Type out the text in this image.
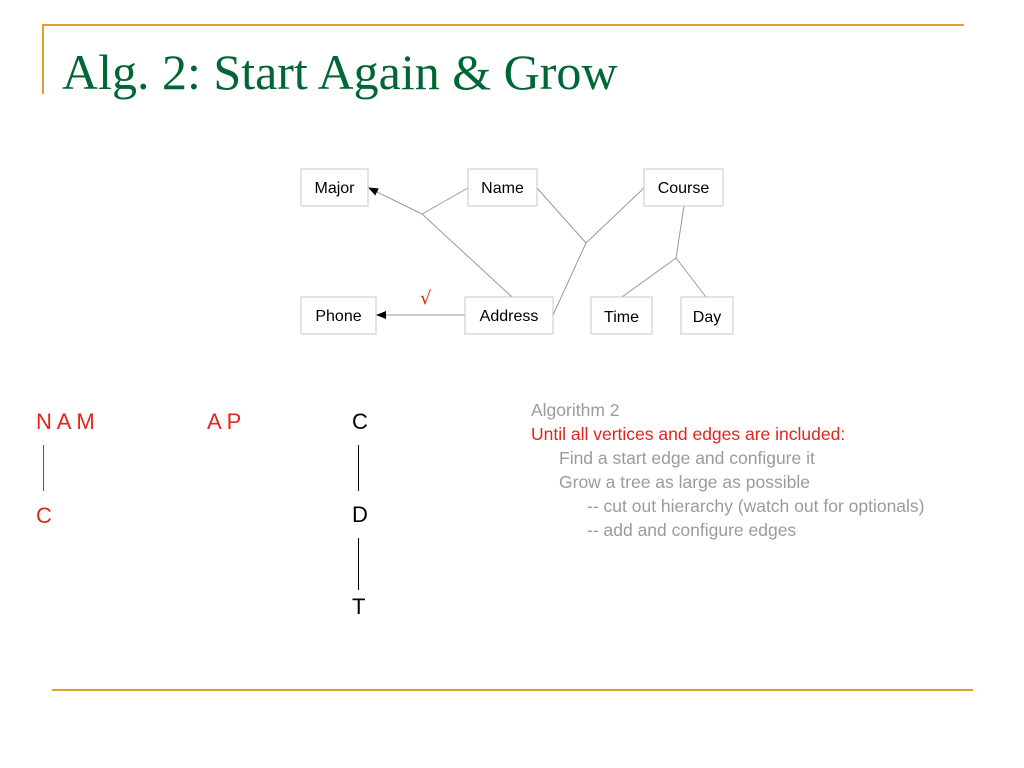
Alg. 2: Start Again & Grow
Major	Name	Course
Phone	Address	Time	Day
√
N A M
C
A P	C
D
T
Algorithm 2
Until all vertices and edges are included:
Find a start edge and configure it
Grow a tree as large as possible
-- cut out hierarchy (watch out for optionals)
-- add and configure edges
